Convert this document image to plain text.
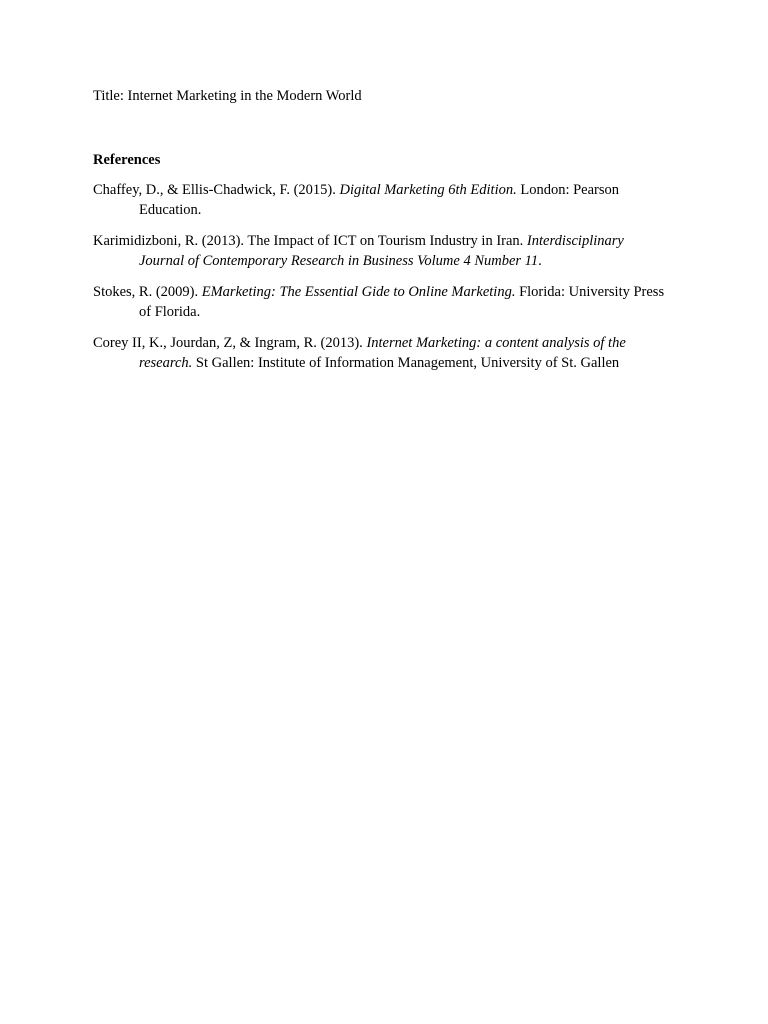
Title: Internet Marketing in the Modern World
References

Chaffey, D., & Ellis-Chadwick, F. (2015). Digital Marketing 6th Edition. London: Pearson Education.

Karimidizboni, R. (2013). The Impact of ICT on Tourism Industry in Iran. Interdisciplinary Journal of Contemporary Research in Business Volume 4 Number 11.

Stokes, R. (2009). EMarketing: The Essential Gide to Online Marketing. Florida: University Press of Florida.

Corey II, K., Jourdan, Z, & Ingram, R. (2013). Internet Marketing: a content analysis of the research. St Gallen: Institute of Information Management, University of St. Gallen
